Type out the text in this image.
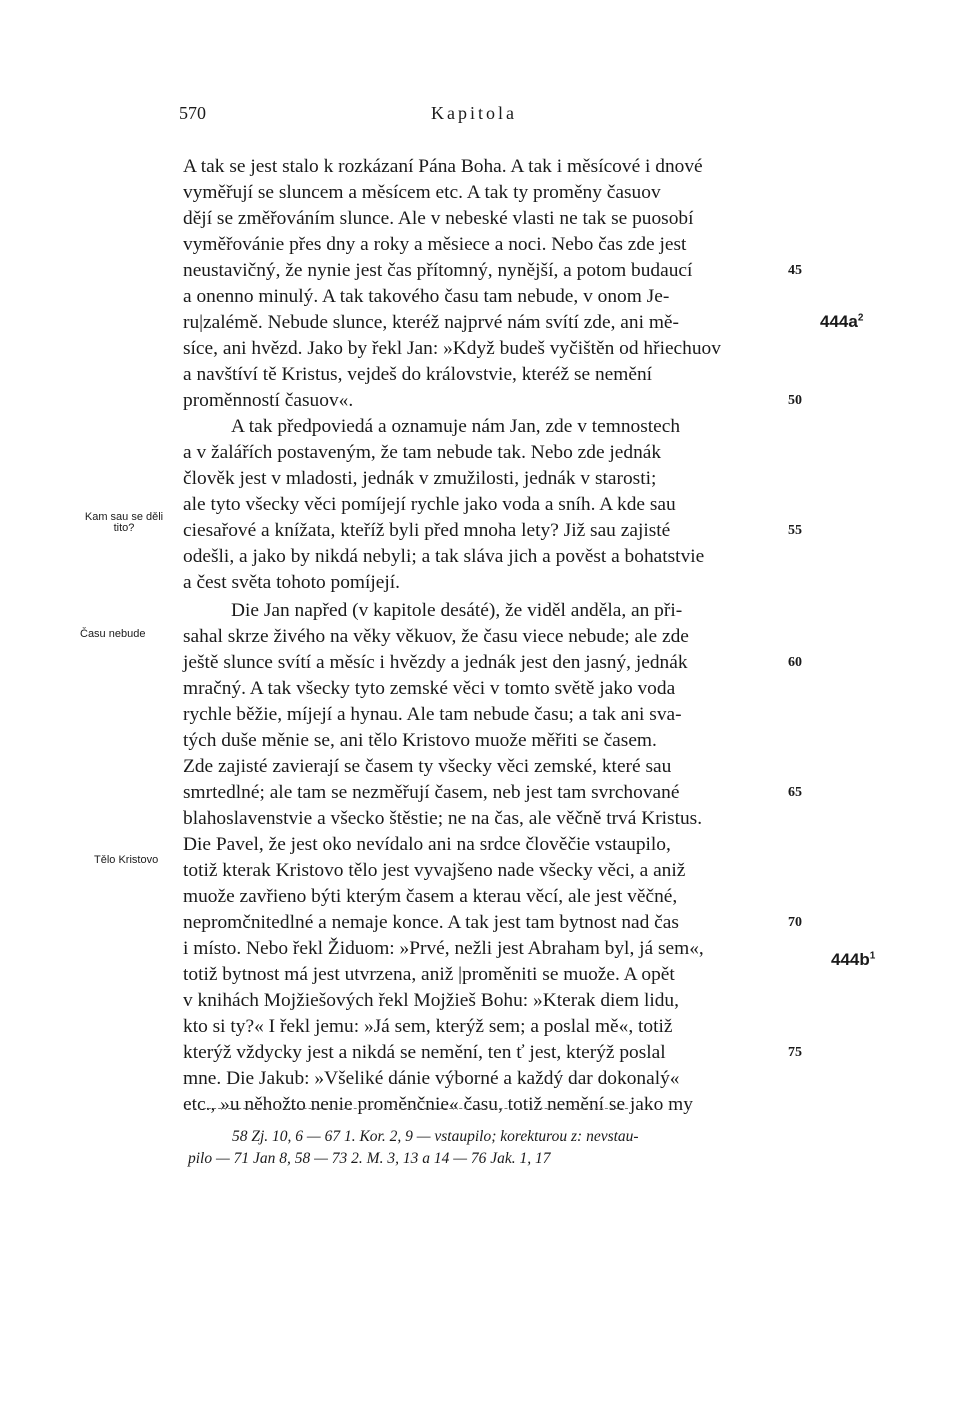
570	Kapitola
A tak se jest stalo k rozkázaní Pána Boha. A tak i měsícové i dnové
vyměřují se sluncem a měsícem etc. A tak ty proměny časuov
dějí se změřováním slunce. Ale v nebeské vlasti ne tak se puosobí
vyměřovánie přes dny a roky a měsiece a noci. Nebo čas zde jest
neustavičný, že nynie jest čas přítomný, nynější, a potom budaucí
a onenno minulý. A tak takového času tam nebude, v onom Je-
ru|zalémě. Nebude slunce, kteréž najprvé nám svítí zde, ani mě-
síce, ani hvězd. Jako by řekl Jan: »Když budeš vyčištěn od hřiechuov
a navštíví tě Kristus, vejdeš do královstvie, kteréž se nemění
proměnností časuov«.
A tak předpoviedá a oznamuje nám Jan, zde v temnostech
a v žalářích postaveným, že tam nebude tak. Nebo zde jednák
člověk jest v mladosti, jednák v zmužilosti, jednák v starosti;
ale tyto všecky věci pomíjejí rychle jako voda a sníh. A kde sau
ciesařové a knížata, kteříž byli před mnoha lety? Již sau zajisté
odešli, a jako by nikdá nebyli; a tak sláva jich a pověst a bohatstvie
a čest světa tohoto pomíjejí.
Die Jan napřed (v kapitole desáté), že viděl anděla, an při-
sahal skrze živého na věky věkuov, že času viece nebude; ale zde
ještě slunce svítí a měsíc i hvězdy a jednák jest den jasný, jednák
mračný. A tak všecky tyto zemské věci v tomto světě jako voda
rychle běžie, míjejí a hynau. Ale tam nebude času; a tak ani sva-
tých duše měnie se, ani tělo Kristovo muože měřiti se časem.
Zde zajisté zavierají se časem ty všecky věci zemské, které sau
smrtedlné; ale tam se nezměřují časem, neb jest tam svrchované
blahoslavenstvie a všecko štěstie; ne na čas, ale věčně trvá Kristus.
Die Pavel, že jest oko nevídalo ani na srdce člověčie vstaupilo,
totiž kterak Kristovo tělo jest vyvajšeno nade všecky věci, a aniž
muože zavřieno býti kterým časem a kterau věcí, ale jest věčné,
nepromčnitedlné a nemaje konce. A tak jest tam bytnost nad čas
i místo. Nebo řekl Židuom: »Prvé, nežli jest Abraham byl, já sem«,
totiž bytnost má jest utvrzena, aniž |proměniti se muože. A opět
v knihách Mojžiešových řekl Mojžieš Bohu: »Kterak diem lidu,
kto si ty?« I řekl jemu: »Já sem, kterýž sem; a poslal mě«, totiž
kterýž vždycky jest a nikdá se nemění, ten ť jest, kterýž poslal
mne. Die Jakub: »Všeliké dánie výborné a každý dar dokonalý«
etc., »u něhožto nenie proměnčnie« času, totiž nemění se jako my
45
50
55
60
65
70
75
Kam sau se děli tito?
Času nebude
Tělo Kristovo
$444a^2$
$444b^1$
58 Zj. 10, 6 — 67 1. Kor. 2, 9 — vstaupilo; korekturou z: nevstau-
pilo — 71 Jan 8, 58 — 73 2. M. 3, 13 a 14 — 76 Jak. 1, 17
